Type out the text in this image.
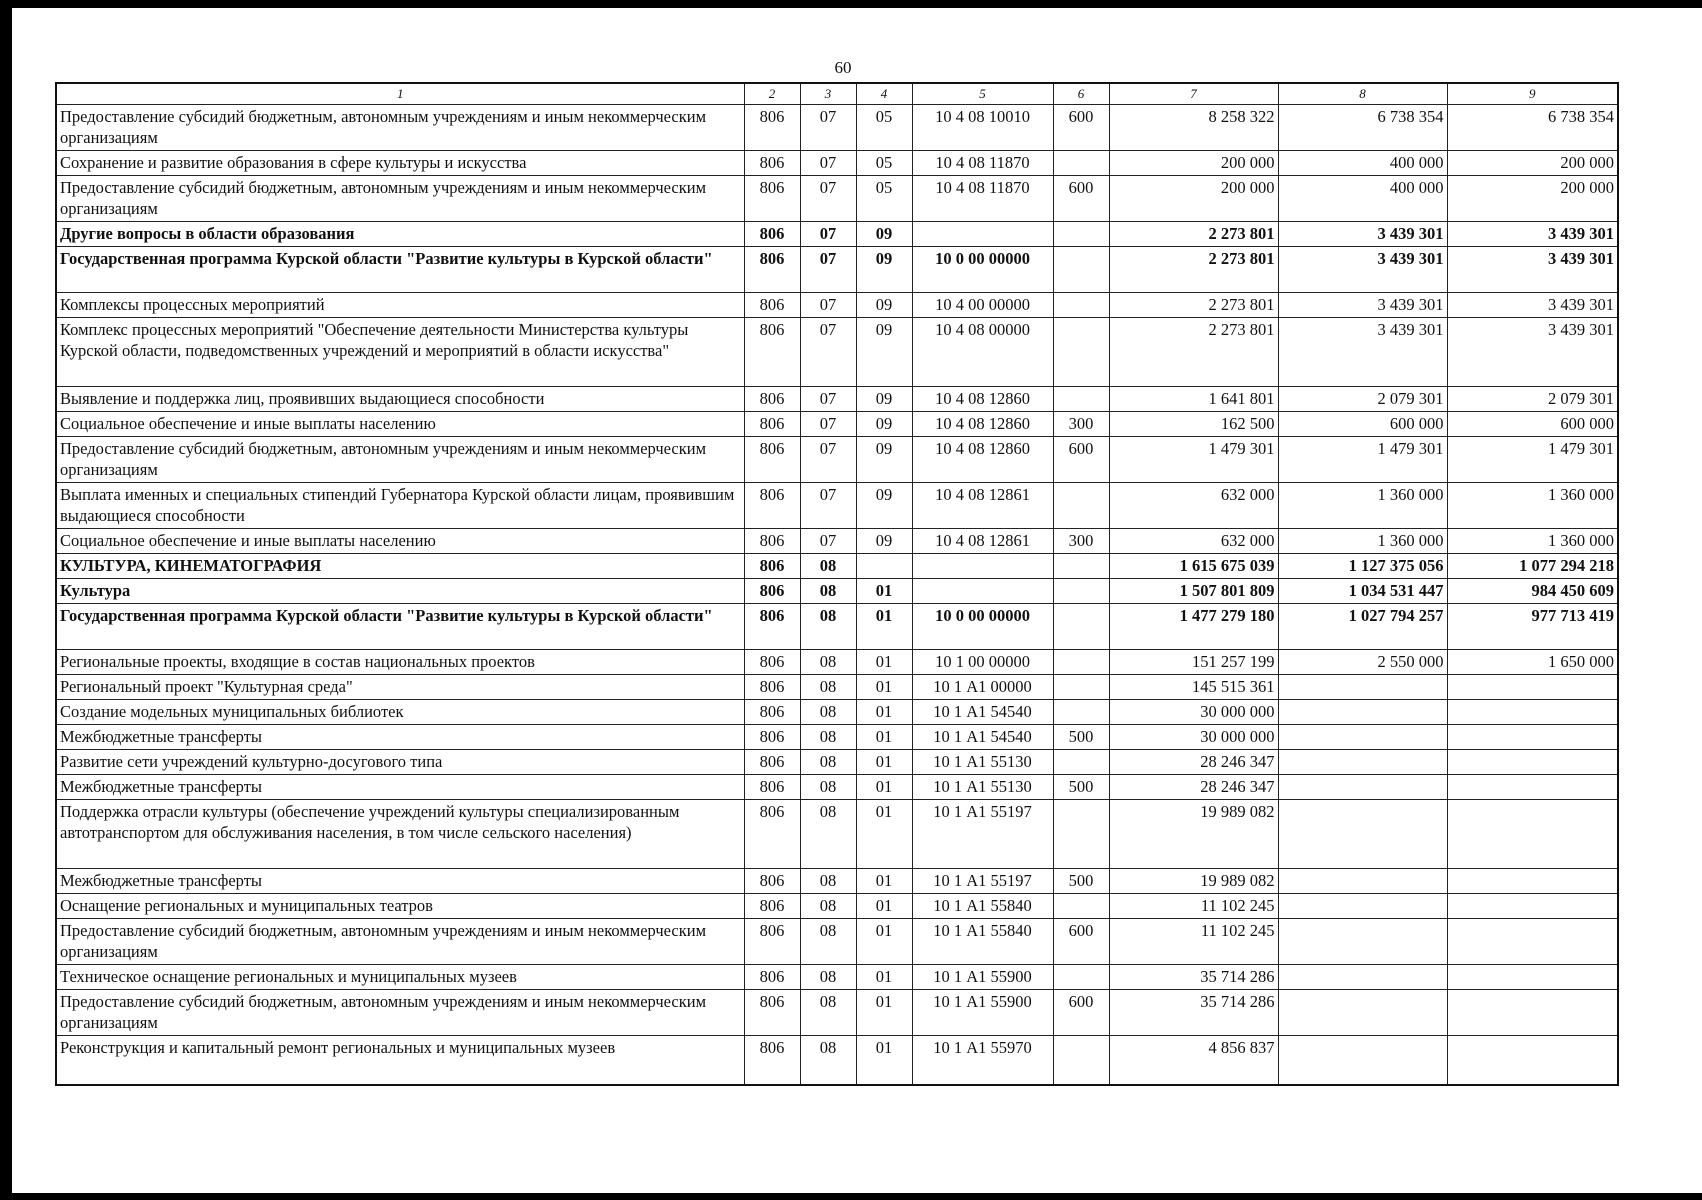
60
1	2	3	4	5	6	7	8	9
Предоставление субсидий бюджетным, автономным учреждениям и иным некоммерческим организациям	806	07	05	10 4 08 10010	600	8 258 322	6 738 354	6 738 354
Сохранение и развитие образования в сфере культуры и искусства	806	07	05	10 4 08 11870		200 000	400 000	200 000
Предоставление субсидий бюджетным, автономным учреждениям и иным некоммерческим организациям	806	07	05	10 4 08 11870	600	200 000	400 000	200 000
Другие вопросы в области образования	806	07	09			2 273 801	3 439 301	3 439 301
Государственная программа Курской области "Развитие культуры в Курской области"	806	07	09	10 0 00 00000		2 273 801	3 439 301	3 439 301
Комплексы процессных мероприятий	806	07	09	10 4 00 00000		2 273 801	3 439 301	3 439 301
Комплекс процессных мероприятий "Обеспечение деятельности Министерства культуры Курской области, подведомственных учреждений и мероприятий в области искусства"	806	07	09	10 4 08 00000		2 273 801	3 439 301	3 439 301
Выявление и поддержка лиц, проявивших выдающиеся способности	806	07	09	10 4 08 12860		1 641 801	2 079 301	2 079 301
Социальное обеспечение и иные выплаты населению	806	07	09	10 4 08 12860	300	162 500	600 000	600 000
Предоставление субсидий бюджетным, автономным учреждениям и иным некоммерческим организациям	806	07	09	10 4 08 12860	600	1 479 301	1 479 301	1 479 301
Выплата именных и специальных стипендий Губернатора Курской области лицам, проявившим выдающиеся способности	806	07	09	10 4 08 12861		632 000	1 360 000	1 360 000
Социальное обеспечение и иные выплаты населению	806	07	09	10 4 08 12861	300	632 000	1 360 000	1 360 000
КУЛЬТУРА, КИНЕМАТОГРАФИЯ	806	08				1 615 675 039	1 127 375 056	1 077 294 218
Культура	806	08	01			1 507 801 809	1 034 531 447	984 450 609
Государственная программа Курской области "Развитие культуры в Курской области"	806	08	01	10 0 00 00000		1 477 279 180	1 027 794 257	977 713 419
Региональные проекты, входящие в состав национальных проектов	806	08	01	10 1 00 00000		151 257 199	2 550 000	1 650 000
Региональный проект "Культурная среда"	806	08	01	10 1 А1 00000		145 515 361		
Создание модельных муниципальных библиотек	806	08	01	10 1 А1 54540		30 000 000		
Межбюджетные трансферты	806	08	01	10 1 А1 54540	500	30 000 000		
Развитие сети учреждений культурно-досугового типа	806	08	01	10 1 А1 55130		28 246 347		
Межбюджетные трансферты	806	08	01	10 1 А1 55130	500	28 246 347		
Поддержка отрасли культуры (обеспечение учреждений культуры специализированным автотранспортом для обслуживания населения, в том числе сельского населения)	806	08	01	10 1 А1 55197		19 989 082		
Межбюджетные трансферты	806	08	01	10 1 А1 55197	500	19 989 082		
Оснащение региональных и муниципальных театров	806	08	01	10 1 А1 55840		11 102 245		
Предоставление субсидий бюджетным, автономным учреждениям и иным некоммерческим организациям	806	08	01	10 1 А1 55840	600	11 102 245		
Техническое оснащение региональных и муниципальных музеев	806	08	01	10 1 А1 55900		35 714 286		
Предоставление субсидий бюджетным, автономным учреждениям и иным некоммерческим организациям	806	08	01	10 1 А1 55900	600	35 714 286		
Реконструкция и капитальный ремонт региональных и муниципальных музеев	806	08	01	10 1 А1 55970		4 856 837		
